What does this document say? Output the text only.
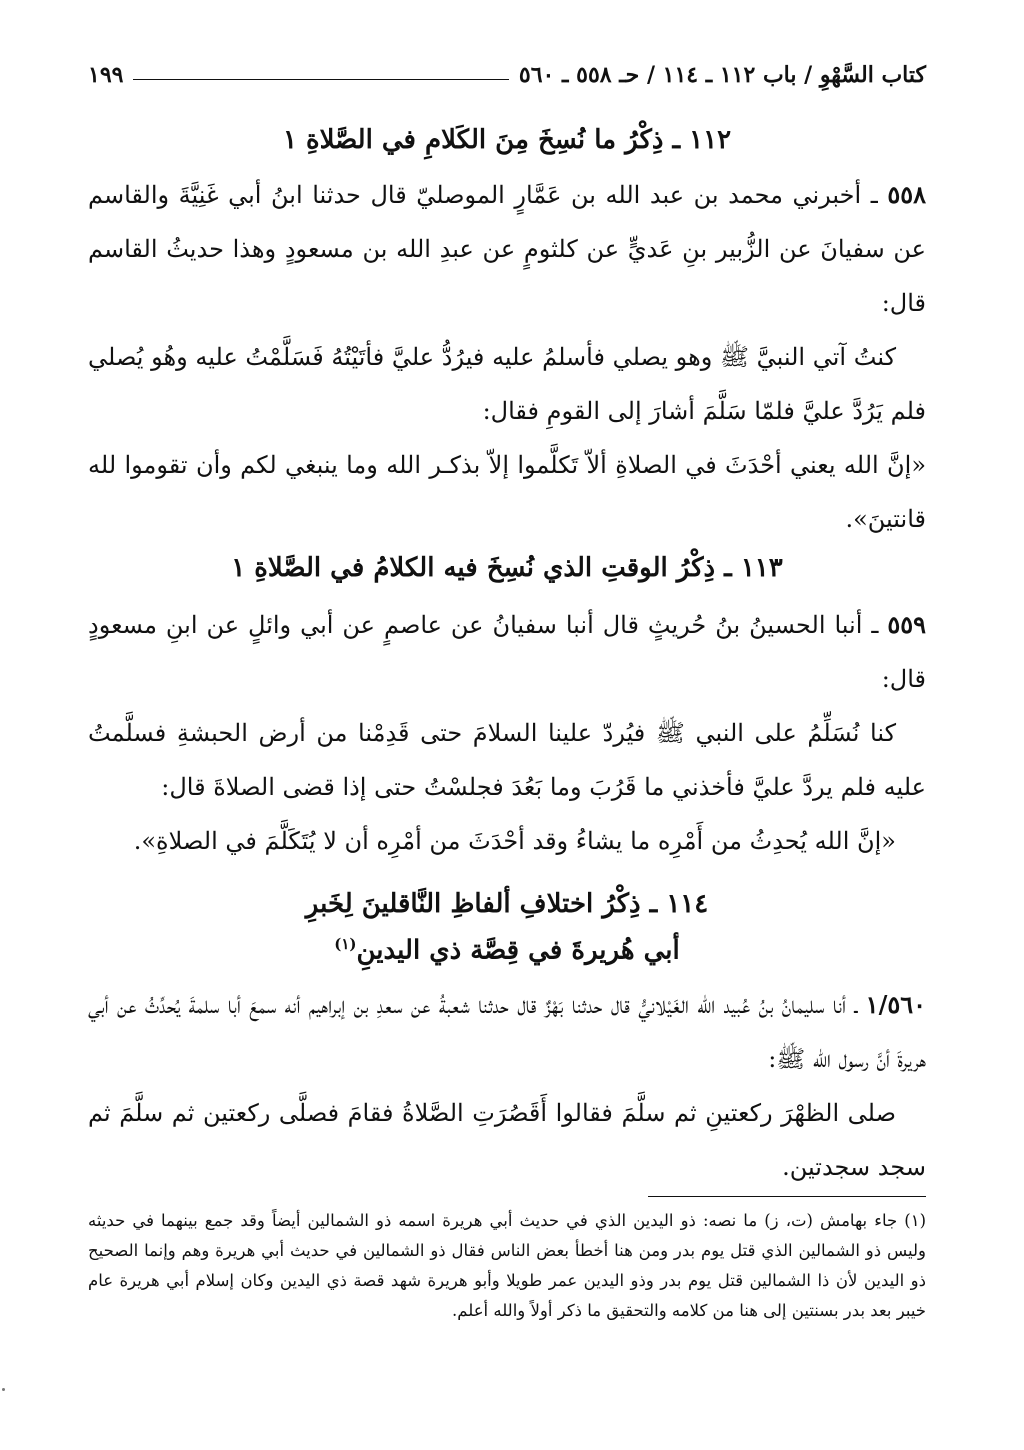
كتاب السَّهْوِ / باب ١١٢ ـ ١١٤ / حـ ٥٥٨ ـ ٥٦٠
١٩٩
١١٢ ـ ذِكْرُ ما نُسِخَ مِنَ الكَلامِ في الصَّلاةِ ١
٥٥٨ ـ أخبرني محمد بن عبد الله بن عَمَّارٍ الموصليّ قال حدثنا ابنُ أبي غَنِيَّةَ والقاسم عن سفيانَ عن الزُّبير بنِ عَديٍّ عن كلثومٍ عن عبدِ الله بن مسعودٍ وهذا حديثُ القاسم قال:
كنتُ آتي النبيَّ ﷺ وهو يصلي فأسلمُ عليه فيرُدُّ عليَّ فأتَيْتُهُ فَسَلَّمْتُ عليه وهُو يُصلي فلم يَرُدَّ عليَّ فلمّا سَلَّمَ أشارَ إلى القومِ فقال:
«إنَّ الله يعني أحْدَثَ في الصلاةِ ألاّ تَكلَّموا إلاّ بذكـر الله وما ينبغي لكم وأن تقوموا لله قانتينَ».
١١٣ ـ ذِكْرُ الوقتِ الذي نُسِخَ فيه الكلامُ في الصَّلاةِ ١
٥٥٩ ـ أنبا الحسينُ بنُ حُريثٍ قال أنبا سفيانُ عن عاصمٍ عن أبي وائلٍ عن ابنِ مسعودٍ قال:
كنا نُسَلِّمُ على النبي ﷺ فيُردّ علينا السلامَ حتى قَدِمْنا من أرض الحبشةِ فسلَّمتُ عليه فلم يردَّ عليَّ فأخذني ما قَرُبَ وما بَعُدَ فجلسْتُ حتى إذا قضى الصلاةَ قال:
«إنَّ الله يُحدِثُ من أَمْرِه ما يشاءُ وقد أحْدَثَ من أمْرِه أن لا يُتَكَلَّمَ في الصلاةِ».
١١٤ ـ ذِكْرُ اختلافِ ألفاظِ النَّاقلينَ لِخَبرِ
أبي هُريرةَ في قِصَّة ذي اليدينِ$^{(١)}$
١/٥٦٠ ـ أنا سليمانُ بنُ عُبيد الله الغَيْلانيُّ قال حدثنا بَهْزٌ قال حدثنا شعبةُ عن سعدِ بن إبراهيم أنه سمعَ أبا سلمةَ يُحدِّثُ عن أبي هريرةَ أنَّ رسول الله ﷺ:
صلى الظهْرَ ركعتينِ ثم سلَّمَ فقالوا أَقَصُرَتِ الصَّلاةُ فقامَ فصلَّى ركعتين ثم سلَّمَ ثم سجد سجدتين.
(١) جاء بهامش (ت، ز) ما نصه: ذو اليدين الذي في حديث أبي هريرة اسمه ذو الشمالين أيضاً وقد جمع بينهما في حديثه وليس ذو الشمالين الذي قتل يوم بدر ومن هنا أخطأ بعض الناس فقال ذو الشمالين في حديث أبي هريرة وهم وإنما الصحيح ذو اليدين لأن ذا الشمالين قتل يوم بدر وذو اليدين عمر طويلا وأبو هريرة شهد قصة ذي اليدين وكان إسلام أبي هريرة عام خيبر بعد بدر بسنتين إلى هنا من كلامه والتحقيق ما ذكر أولاً والله أعلم.
